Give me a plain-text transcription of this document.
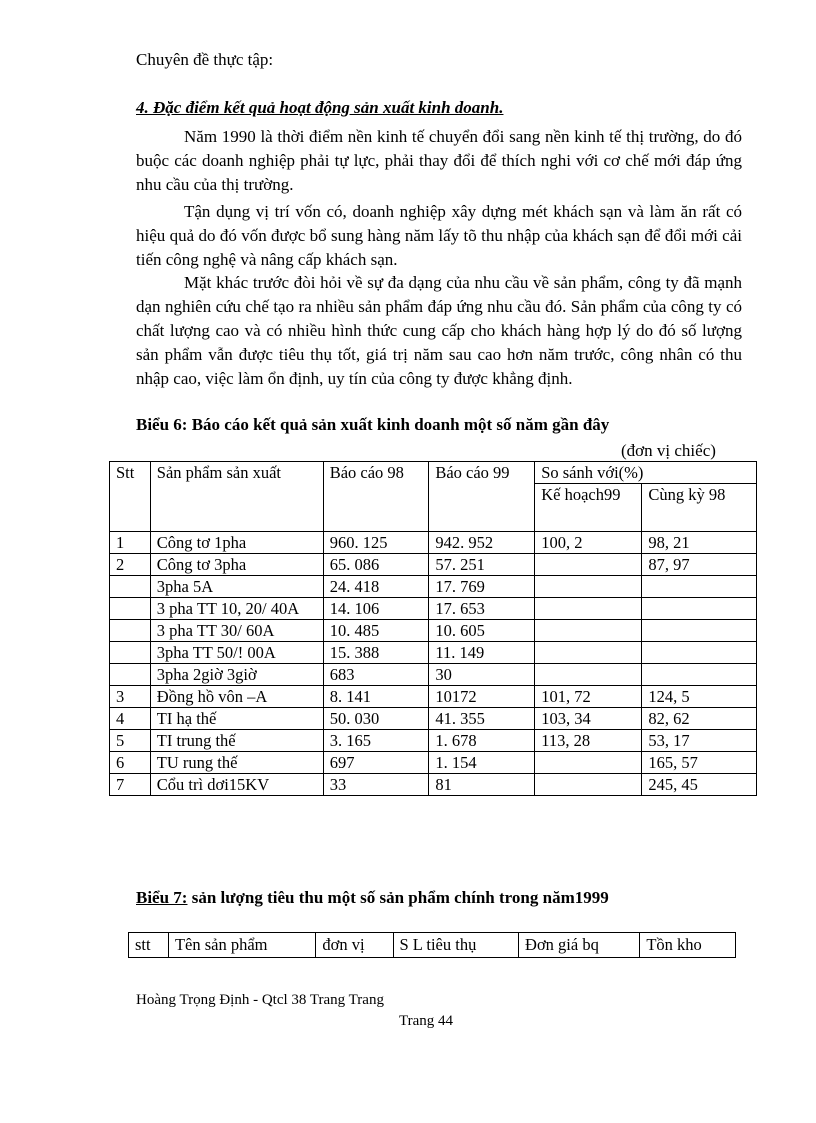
Chuyên đề thực tập:
4. Đặc điểm kết quả hoạt động sản xuất kinh doanh.
Năm 1990 là thời điểm nền kinh tế chuyển đổi sang nền kinh tế thị trường, do đó buộc các doanh nghiệp phải tự lực, phải thay đổi để thích nghi với cơ chế mới đáp ứng nhu cầu của thị trường.
Tận dụng vị trí vốn có, doanh nghiệp xây dựng mét khách sạn và làm ăn rất có hiệu quả do đó vốn được bổ sung hàng năm lấy tõ thu nhập của khách sạn để đổi mới cải tiến công nghệ và nâng cấp khách sạn.
Mặt khác trước đòi hỏi về sự đa dạng của nhu cầu về sản phẩm, công ty đã mạnh dạn nghiên cứu chế tạo ra nhiều sản phẩm đáp ứng nhu cầu đó. Sản phẩm của công ty có chất lượng cao và có nhiều hình thức cung cấp cho khách hàng hợp lý do đó số lượng sản phẩm vẫn được tiêu thụ tốt, giá trị năm sau cao hơn năm trước, công nhân có thu nhập cao, việc làm ổn định, uy tín của công ty được khẳng định.
Biểu 6: Báo cáo kết quả sản xuất kinh doanh một số năm gần đây
(đơn vị chiếc)
Stt	Sản phẩm sản xuất	Báo cáo 98	Báo cáo 99	So sánh với(%)	
				Kế hoạch99	Cùng kỳ 98
1	Công tơ 1pha	960. 125	942. 952	100, 2	98, 21
2	Công tơ 3pha	65. 086	57. 251		87, 97
	3pha 5A	24. 418	17. 769		
	3 pha TT 10, 20/ 40A	14. 106	17. 653		
	3 pha TT 30/ 60A	10. 485	10. 605		
	3pha TT 50/! 00A	15. 388	11. 149		
	3pha 2giờ 3giờ	683	30		
3	Đồng hồ vôn –A	8. 141	10172	101, 72	124, 5
4	TI hạ thế	50. 030	41. 355	103, 34	82, 62
5	TI trung thế	3. 165	1. 678	113, 28	53, 17
6	TU rung thế	697	1. 154		165, 57
7	Cổu trì dơi15KV	33	81		245, 45
Biểu 7: sản lượng tiêu thu một số sản phẩm chính trong năm1999
stt	Tên sản phẩm	đơn vị	S L tiêu thụ	Đơn giá bq	Tồn kho
Hoàng Trọng Định - Qtcl 38 Trang Trang
Trang 44
